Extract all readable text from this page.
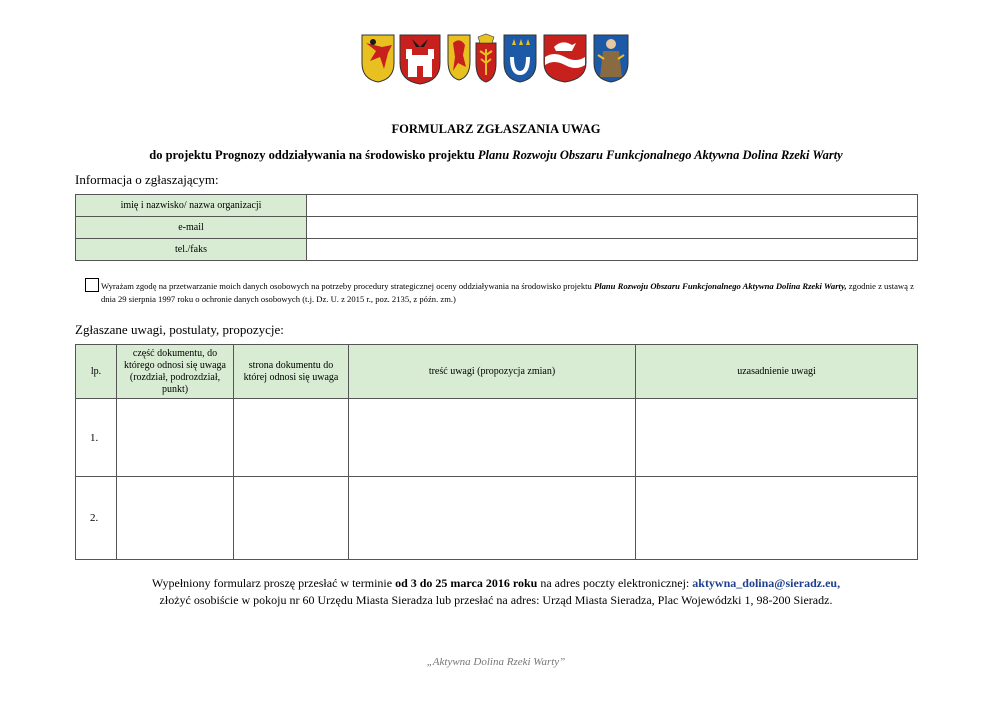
FORMULARZ ZGŁASZANIA UWAG
do projektu Prognozy oddziaływania na środowisko projektu Planu Rozwoju Obszaru Funkcjonalnego Aktywna Dolina Rzeki Warty
Informacja o zgłaszającym:
imię i nazwisko/ nazwa organizacji	
e-mail	
tel./faks	
Wyrażam zgodę na przetwarzanie moich danych osobowych na potrzeby procedury strategicznej oceny oddziaływania na środowisko projektu Planu Rozwoju Obszaru Funkcjonalnego Aktywna Dolina Rzeki Warty, zgodnie z ustawą z dnia 29 sierpnia 1997 roku o ochronie danych osobowych (t.j. Dz. U. z 2015 r., poz. 2135, z późn. zm.)
Zgłaszane uwagi, postulaty, propozycje:
lp.	część dokumentu, do którego odnosi się uwaga (rozdział, podrozdział, punkt)	strona dokumentu do której odnosi się uwaga	treść uwagi (propozycja zmian)	uzasadnienie uwagi
1.				
2.				
Wypełniony formularz proszę przesłać w terminie od 3 do 25 marca 2016 roku na adres poczty elektronicznej: aktywna_dolina@sieradz.eu,
złożyć osobiście w pokoju nr 60 Urzędu Miasta Sieradza lub przesłać na adres: Urząd Miasta Sieradza, Plac Wojewódzki 1, 98-200 Sieradz.
„Aktywna Dolina Rzeki Warty”
